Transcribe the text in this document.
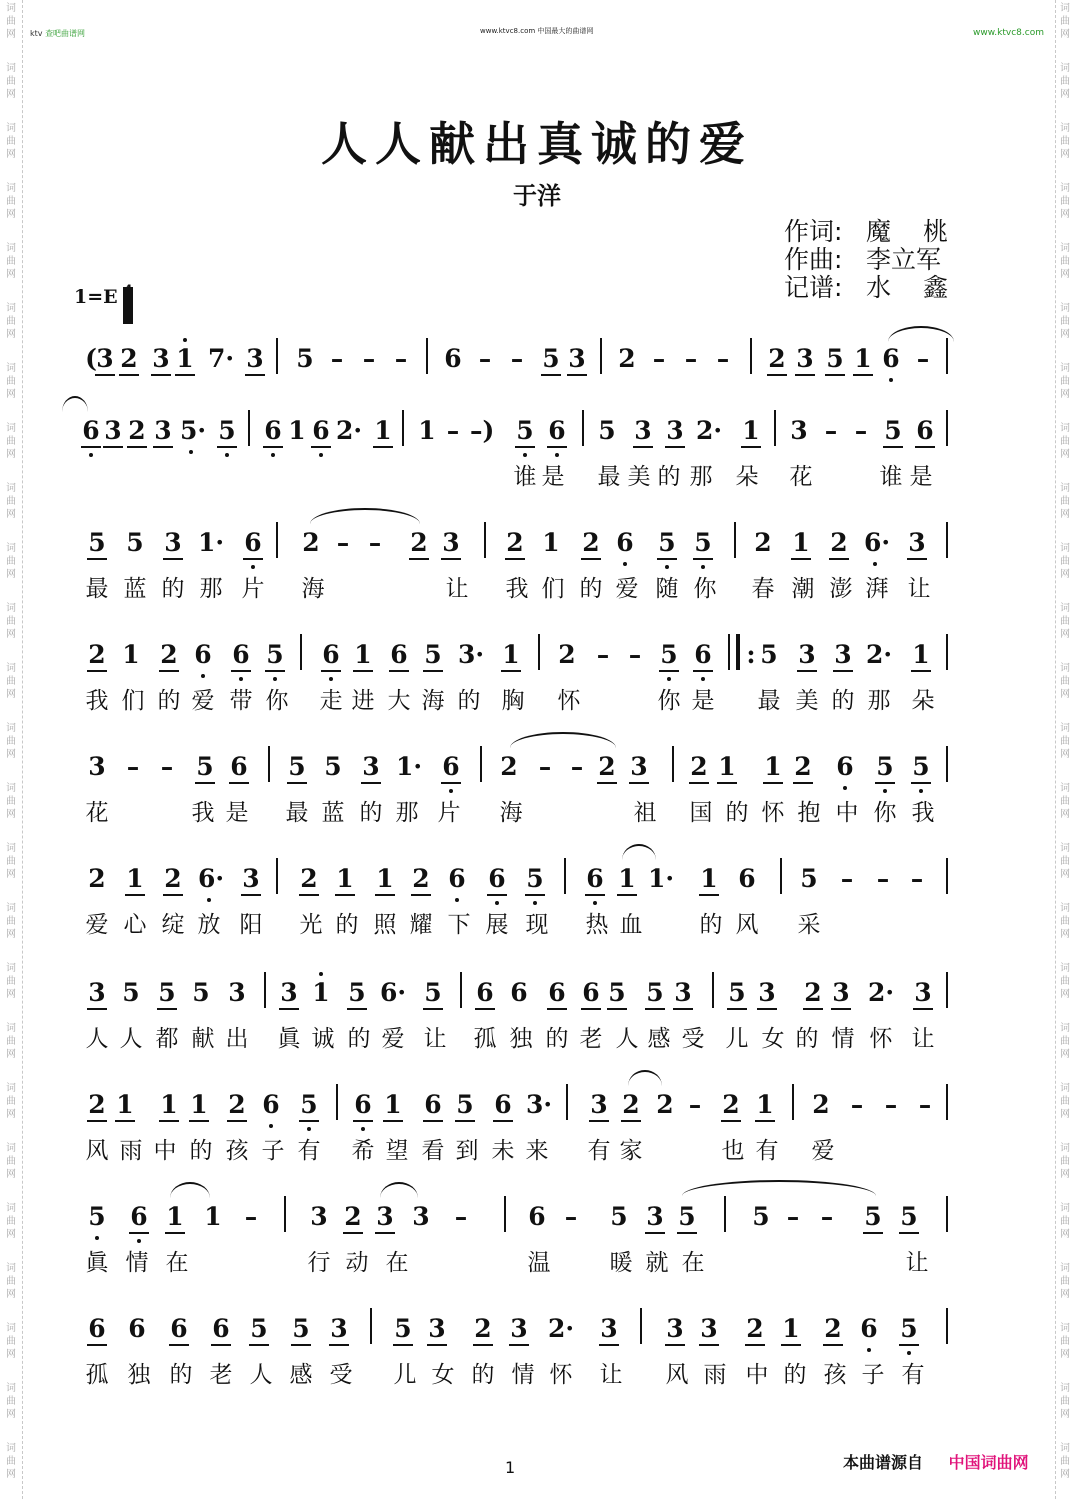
词
曲
网
词
曲
网
词
曲
网
词
曲
网
词
曲
网
词
曲
网
词
曲
网
词
曲
网
词
曲
网
词
曲
网
词
曲
网
词
曲
网
词
曲
网
词
曲
网
词
曲
网
词
曲
网
词
曲
网
词
曲
网
词
曲
网
词
曲
网
词
曲
网
词
曲
网
词
曲
网
词
曲
网
词
曲
网
词
曲
网
词
曲
网
词
曲
网
词
曲
网
词
曲
网
词
曲
网
词
曲
网
词
曲
网
词
曲
网
词
曲
网
词
曲
网
词
曲
网
词
曲
网
词
曲
网
词
曲
网
词
曲
网
词
曲
网
词
曲
网
词
曲
网
词
曲
网
词
曲
网
词
曲
网
词
曲
网
词
曲
网
词
曲
网
ktv 查吧曲谱网	www.ktvc8.com 中国最大的曲谱网	www.ktvc8.com
人人献出真诚的爱
于洋
作词: 魔 桃
作曲: 李立军
记谱: 水 鑫
1=E
( 3 2 3 1 7· 3 5 – – – 6 – – 5 3 2 – – – 2 3 5 1 6 –
6 3 2 3 5· 5 6 1 6 2· 1 1 – –) 5 6 5 3 3 2· 1 3 – – 5 6
谁 是 最 美 的 那 朵 花	谁 是
5 5 3 1· 6 2 – – 2 3 2 1 2 6 5 5 2 1 2 6· 3
最 蓝 的 那 片 海	让 我 们 的 爱 随 你 春 潮 澎 湃 让
2 1 2 6 6 5 6 1 6 5 3· 1 2 – – 5 6 : 5 3 3 2· 1
我 们 的 爱 带 你 走 进 大 海 的 胸 怀	你 是 最 美 的 那 朵
3 – – 5 6 5 5 3 1· 6 2 – – 2 3 2 1 1 2 6 5 5
花	我 是 最 蓝 的 那 片 海	祖 国 的 怀 抱 中 你 我
2 1 2 6· 3 2 1 1 2 6 6 5 6 1 1· 1 6 5 – – –
爱 心 绽 放 阳 光 的 照 耀 下 展 现 热 血 的 风 采
3 5 5 5 3 3 1 5 6· 5 6 6 6 6 5 5 3 5 3 2 3 2· 3
人 人 都 献 出 眞 诚 的 爱 让 孤 独 的 老 人 感 受 儿 女 的 情 怀 让
2 1 1 1 2 6 5 6 1 6 5 6 3· 3 2 2 – 2 1 2 – – –
风 雨 中 的 孩 子 有 希 望 看 到 未 来 有 家	也 有 爱
5 6 1 1 – 3 2 3 3 – 6 – 5 3 5 5 – – 5 5
眞 情 在	行 动 在	温	暖 就 在	让
6 6 6 6 5 5 3 5 3 2 3 2· 3 3 3 2 1 2 6 5
孤 独 的 老 人 感 受 儿 女 的 情 怀 让 风 雨 中 的 孩 子 有
1	本曲谱源自 中国词曲网
